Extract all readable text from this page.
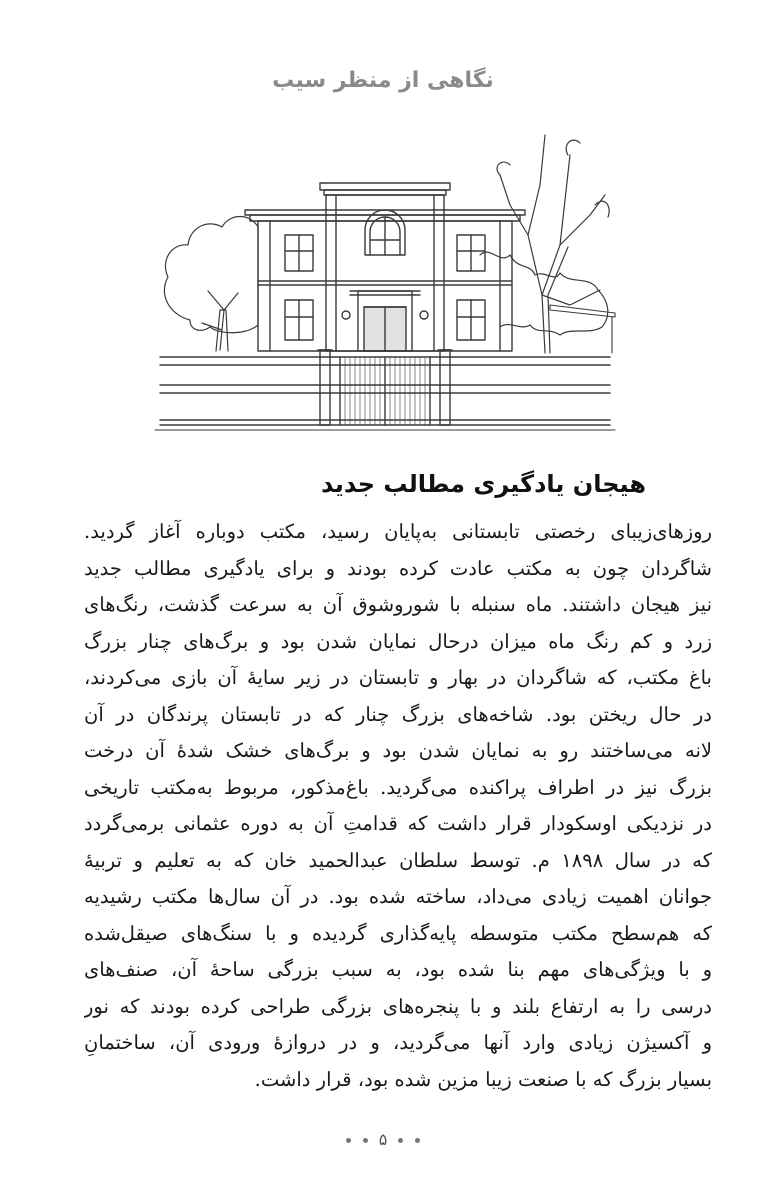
نگاهی از منظر سیب
هیجان یادگیری مطالب جدید
روزهای‌زیبای رخصتی تابستانی به‌پایان رسید، مکتب دوباره آغاز گردید.
شاگردان چون به مکتب عادت کرده بودند و برای یادگیری مطالب جدید
نیز هیجان داشتند. ماه سنبله با شوروشوق آن به سرعت گذشت، رنگ‌های
زرد و کم رنگ ماه میزان درحال نمایان شدن بود و برگ‌های چنار بزرگ
باغ مکتب، که شاگردان در بهار و تابستان در زیر سایهٔ آن بازی می‌کردند،
در حال ریختن بود. شاخه‌های بزرگ چنار که در تابستان پرندگان در آن
لانه می‌ساختند رو به نمایان شدن بود و برگ‌های خشک شدهٔ آن درخت
بزرگ نیز در اطراف پراکنده می‌گردید. باغ‌مذکور، مربوط به‌مکتب تاریخی
در نزدیکی اوسکودار قرار داشت که قدامتِ آن به دوره عثمانی برمی‌گردد
که در سال ۱۸۹۸ م. توسط سلطان عبدالحمید خان که به تعلیم و تربیهٔ
جوانان اهمیت زیادی می‌داد، ساخته شده بود. در آن سال‌ها مکتب رشیدیه
که هم‌سطح مکتب متوسطه پایه‌گذاری گردیده و با سنگ‌های صیقل‌شده
و با ویژگی‌های مهم بنا شده بود، به سبب بزرگی ساحهٔ آن، صنف‌های
درسی را به ارتفاع بلند و با پنجره‌های بزرگی طراحی کرده بودند که نور
و آکسیژن زیادی وارد آنها می‌گردید، و در دروازهٔ ورودی آن، ساختمانِ
بسیار بزرگ که با صنعت زیبا مزین شده بود، قرار داشت.
۵
